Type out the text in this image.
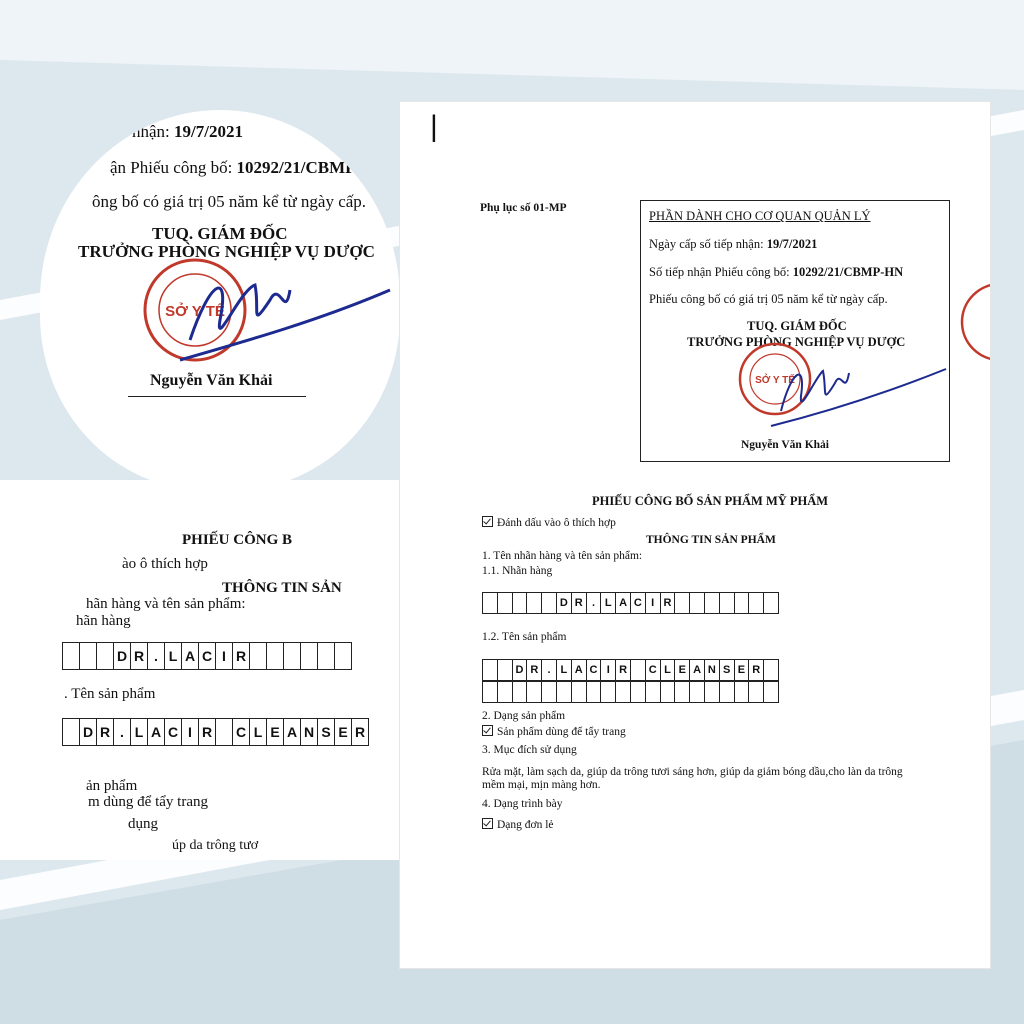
PHIẾU CÔNG B
ào ô thích hợp
THÔNG TIN SẢN
hãn hàng và tên sản phẩm:
hãn hàng
D R . L A C I R
. Tên sản phẩm
D R . L A C I R C L E A N S E R
ản phẩm
m dùng để tẩy trang
dụng
úp da trông tươ
nhận: 19/7/2021
ận Phiếu công bố: 10292/21/CBMP-HN
ông bố có giá trị 05 năm kể từ ngày cấp.
TUQ. GIÁM ĐỐC
TRƯỞNG PHÒNG NGHIỆP VỤ DƯỢC
SỞ Y TẾ
Nguyễn Văn Khải
|
Phụ lục số 01-MP
PHẦN DÀNH CHO CƠ QUAN QUẢN LÝ
Ngày cấp số tiếp nhận: 19/7/2021
Số tiếp nhận Phiếu công bố: 10292/21/CBMP-HN
Phiếu công bố có giá trị 05 năm kể từ ngày cấp.
TUQ. GIÁM ĐỐC
TRƯỞNG PHÒNG NGHIỆP VỤ DƯỢC
SỞ Y TẾ
Nguyễn Văn Khải
PHIẾU CÔNG BỐ SẢN PHẨM MỸ PHẨM
Đánh dấu vào ô thích hợp
THÔNG TIN SẢN PHẨM
1. Tên nhãn hàng và tên sản phẩm:
1.1. Nhãn hàng
D R . L A C I R
1.2. Tên sản phẩm
D R . L A C I R	C L E A N S E R
2. Dạng sản phẩm
Sản phẩm dùng để tẩy trang
3. Mục đích sử dụng
Rửa mặt, làm sạch da, giúp da trông tươi sáng hơn, giúp da giảm bóng dầu,cho làn da trông
mềm mại, mịn màng hơn.
4. Dạng trình bày
Dạng đơn lẻ
